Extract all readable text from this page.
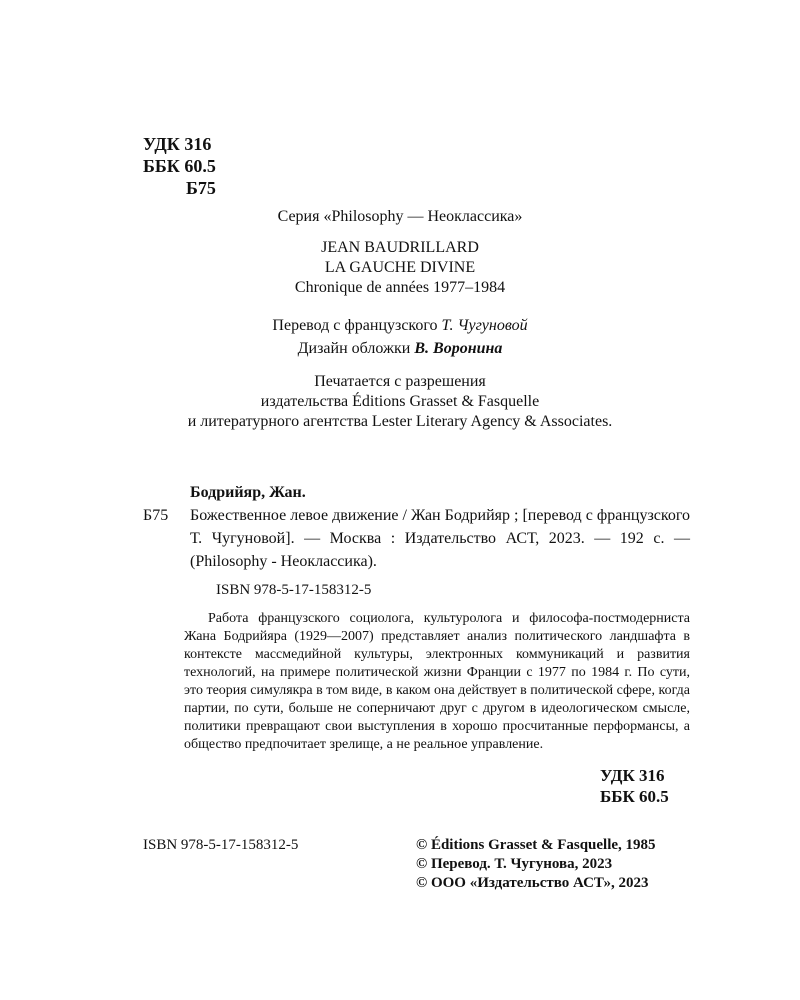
УДК 316
ББК 60.5
Б75
Серия «Philosophy — Неоклассика»
JEAN BAUDRILLARD
LA GAUCHE DIVINE
Chronique de années 1977–1984
Перевод с французского Т. Чугуновой
Дизайн обложки В. Воронина
Печатается с разрешения
издательства Éditions Grasset & Fasquelle
и литературного агентства Lester Literary Agency & Associates.
Бодрийяр, Жан.
Б75 Божественное левое движение / Жан Бодрийяр ; [перевод с французского Т. Чугуновой]. — Москва : Издательство АСТ, 2023. — 192 с. — (Philosophy - Неоклассика).
ISBN 978-5-17-158312-5
Работа французского социолога, культуролога и философа-постмодерниста Жана Бодрийяра (1929—2007) представляет анализ политического ландшафта в контексте массмедийной культуры, электронных коммуникаций и развития технологий, на примере политической жизни Франции с 1977 по 1984 г. По сути, это теория симулякра в том виде, в каком она действует в политической сфере, когда партии, по сути, больше не соперничают друг с другом в идеологическом смысле, политики превращают свои выступления в хорошо просчитанные перформансы, а общество предпочитает зрелище, а не реальное управление.
УДК 316
ББК 60.5
ISBN 978-5-17-158312-5	© Éditions Grasset & Fasquelle, 1985
© Перевод. Т. Чугунова, 2023
© ООО «Издательство АСТ», 2023
